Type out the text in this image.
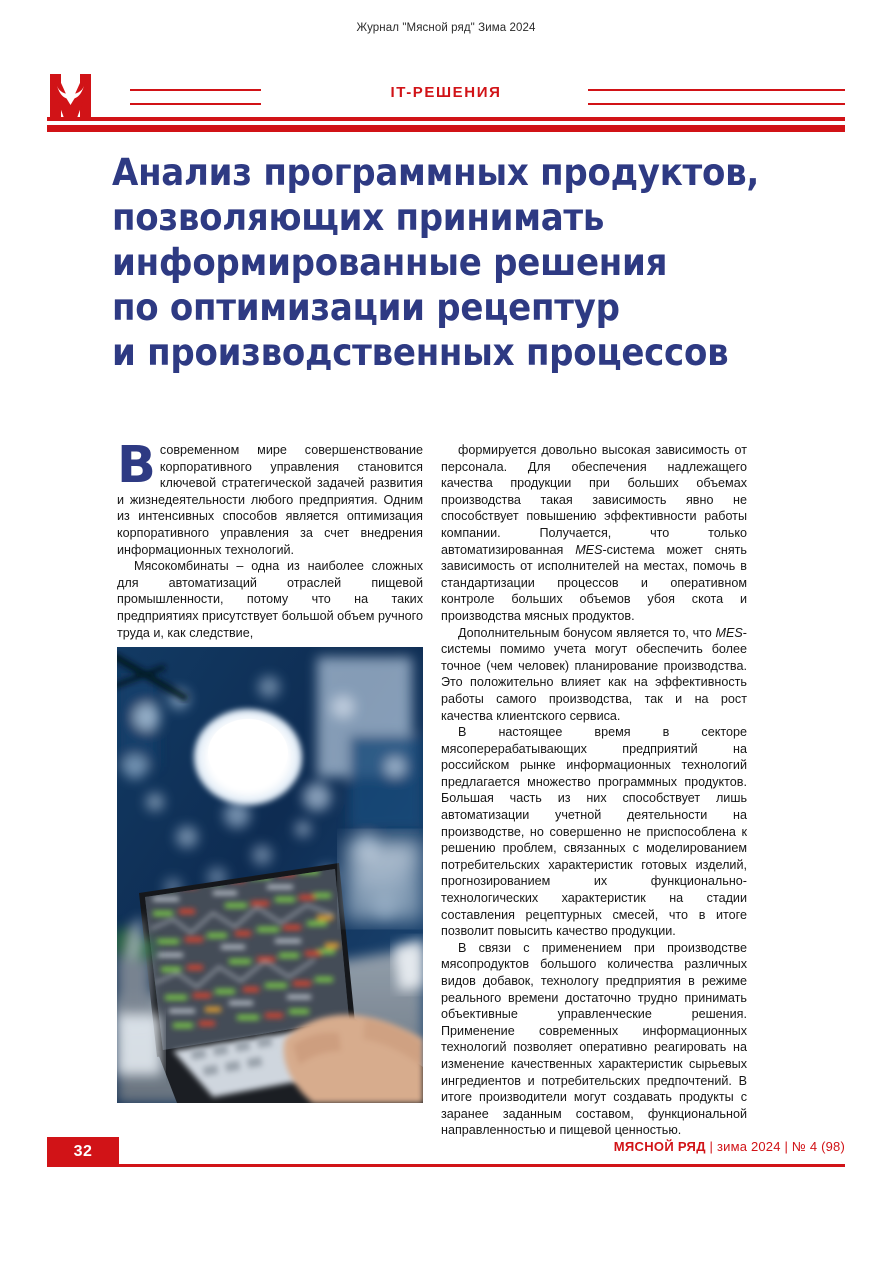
Журнал "Мясной ряд" Зима 2024
IT-РЕШЕНИЯ
Анализ программных продуктов,
позволяющих принимать
информированные решения
по оптимизации рецептур
и производственных процессов

Всовременном мире совершенствование корпоративного управления становится ключевой стратегической задачей развития и жизнедеятельности любого предприятия. Одним из интенсивных способов является оптимизация корпоративного управления за счет внедрения информационных технологий.

Мясокомбинаты – одна из наиболее сложных для автоматизаций отраслей пищевой промышленности, потому что на таких предприятиях присутствует большой объем ручного труда и, как следствие,

формируется довольно высокая зависимость от персонала. Для обеспечения надлежащего качества продукции при больших объемах производства такая зависимость явно не способствует повышению эффективности работы компании. Получается, что только автоматизированная MES-система может снять зависимость от исполнителей на местах, помочь в стандартизации процессов и оперативном контроле больших объемов убоя скота и производства мясных продуктов.

Дополнительным бонусом является то, что MES-системы помимо учета могут обеспечить более точное (чем человек) планирование производства. Это положительно влияет как на эффективность работы самого производства, так и на рост качества клиентского сервиса.

В настоящее время в секторе мясоперерабатывающих предприятий на российском рынке информационных технологий предлагается множество программных продуктов. Большая часть из них способствует лишь автоматизации учетной деятельности на производстве, но совершенно не приспособлена к решению проблем, связанных с моделированием потребительских характеристик готовых изделий, прогнозированием их функционально-технологических характеристик на стадии составления рецептурных смесей, что в итоге позволит повысить качество продукции.

В связи с применением при производстве мясопродуктов большого количества различных видов добавок, технологу предприятия в режиме реального времени достаточно трудно принимать объективные управленческие решения. Применение современных информационных технологий позволяет оперативно реагировать на изменение качественных характеристик сырьевых ингредиентов и потребительских предпочтений. В итоге производители могут создавать продукты с заранее заданным составом, функциональной направленностью и пищевой ценностью.

32	МЯСНОЙ РЯД | зима 2024 | № 4 (98)
